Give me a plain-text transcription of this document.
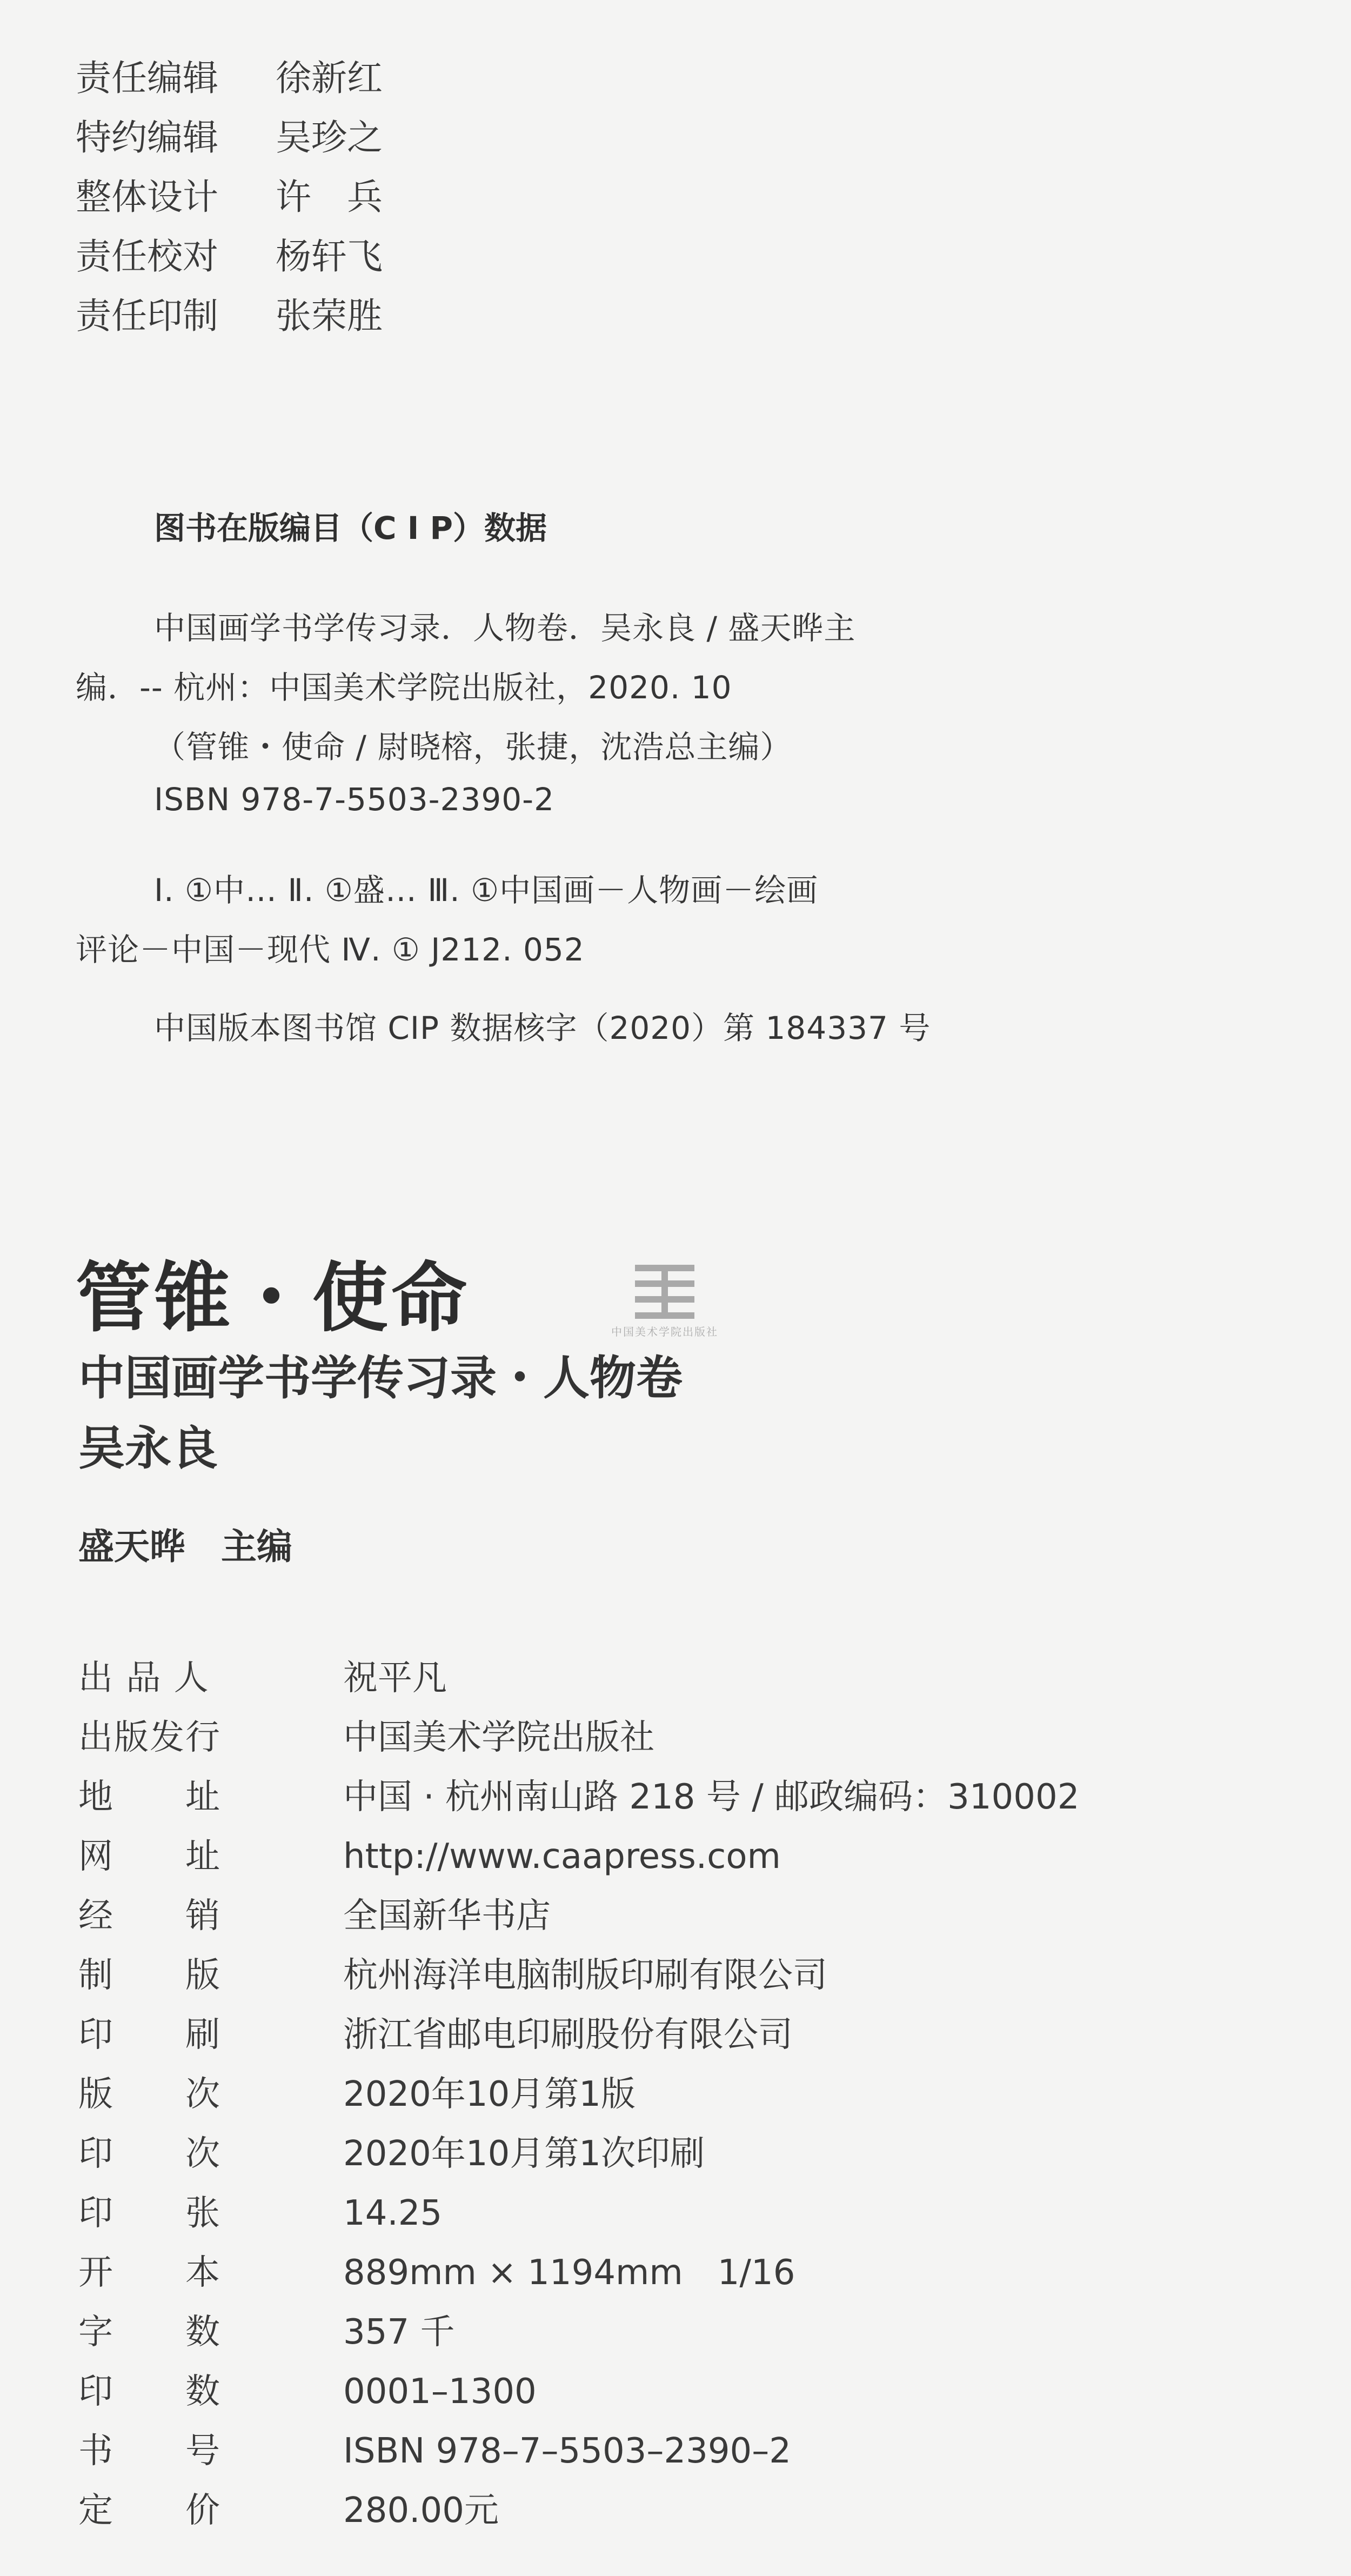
责任编辑 徐新红
特约编辑 吴珍之
整体设计 许　兵
责任校对 杨轩飞
责任印制 张荣胜
图书在版编目（C I P）数据
中国画学书学传习录．人物卷．吴永良 / 盛天晔主
编．-- 杭州：中国美术学院出版社，2020. 10
（管锥・使命 / 尉晓榕，张捷，沈浩总主编）
ISBN 978-7-5503-2390-2
Ⅰ. ①中… Ⅱ. ①盛… Ⅲ. ①中国画－人物画－绘画
评论－中国－现代 Ⅳ. ① J212. 052
中国版本图书馆 CIP 数据核字（2020）第 184337 号
管锥・使命
中国画学书学传习录・人物卷
吴永良
盛天晔　主编
中国美术学院出版社
出 品 人	祝平凡
出版发行	中国美术学院出版社
地　　址	中国 · 杭州南山路 218 号 / 邮政编码：310002
网　　址	http://www.caapress.com
经　　销	全国新华书店
制　　版	杭州海洋电脑制版印刷有限公司
印　　刷	浙江省邮电印刷股份有限公司
版　　次	2020年10月第1版
印　　次	2020年10月第1次印刷
印　　张	14.25
开　　本	889mm × 1194mm　1/16
字　　数	357 千
印　　数	0001–1300
书　　号	ISBN 978–7–5503–2390–2
定　　价	280.00元
